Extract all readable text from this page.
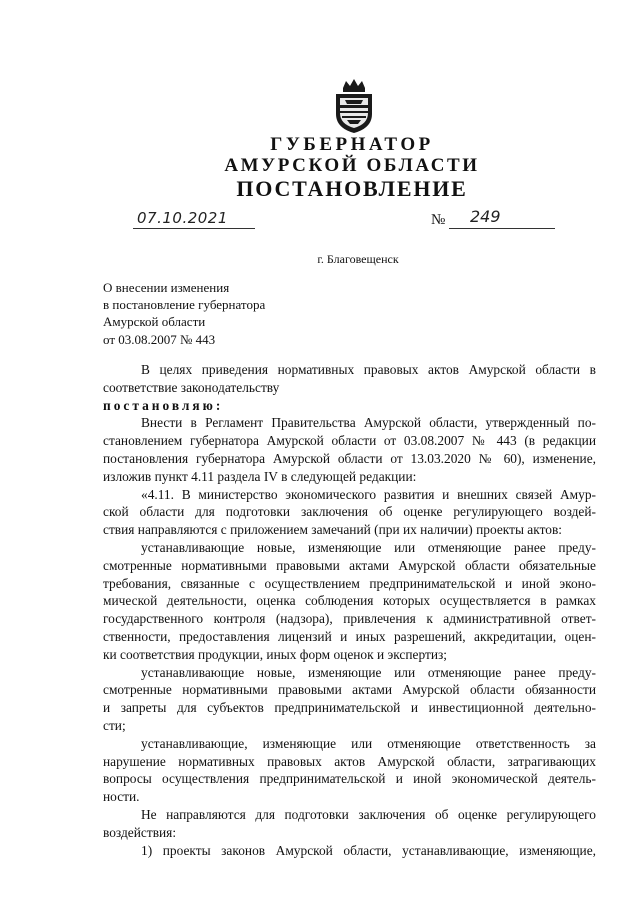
ГУБЕРНАТОР
АМУРСКОЙ ОБЛАСТИ
ПОСТАНОВЛЕНИЕ
07.10.2021	№ 249
г. Благовещенск
О внесении изменения
в постановление губернатора
Амурской области
от 03.08.2007 № 443

В целях приведения нормативных правовых актов Амурской области в

соответствие законодательству

постановляю:

Внести в Регламент Правительства Амурской области, утвержденный по-

становлением губернатора Амурской области от 03.08.2007 № 443 (в редакции

постановления губернатора Амурской области от 13.03.2020 № 60), изменение,

изложив пункт 4.11 раздела IV в следующей редакции:

«4.11. В министерство экономического развития и внешних связей Амур-

ской области для подготовки заключения об оценке регулирующего воздей-

ствия направляются с приложением замечаний (при их наличии) проекты актов:

устанавливающие новые, изменяющие или отменяющие ранее преду-

смотренные нормативными правовыми актами Амурской области обязательные

требования, связанные с осуществлением предпринимательской и иной эконо-

мической деятельности, оценка соблюдения которых осуществляется в рамках

государственного контроля (надзора), привлечения к административной ответ-

ственности, предоставления лицензий и иных разрешений, аккредитации, оцен-

ки соответствия продукции, иных форм оценок и экспертиз;

устанавливающие новые, изменяющие или отменяющие ранее преду-

смотренные нормативными правовыми актами Амурской области обязанности

и запреты для субъектов предпринимательской и инвестиционной деятельно-

сти;

устанавливающие, изменяющие или отменяющие ответственность за

нарушение нормативных правовых актов Амурской области, затрагивающих

вопросы осуществления предпринимательской и иной экономической деятель-

ности.

Не направляются для подготовки заключения об оценке регулирующего

воздействия:

1) проекты законов Амурской области, устанавливающие, изменяющие,
